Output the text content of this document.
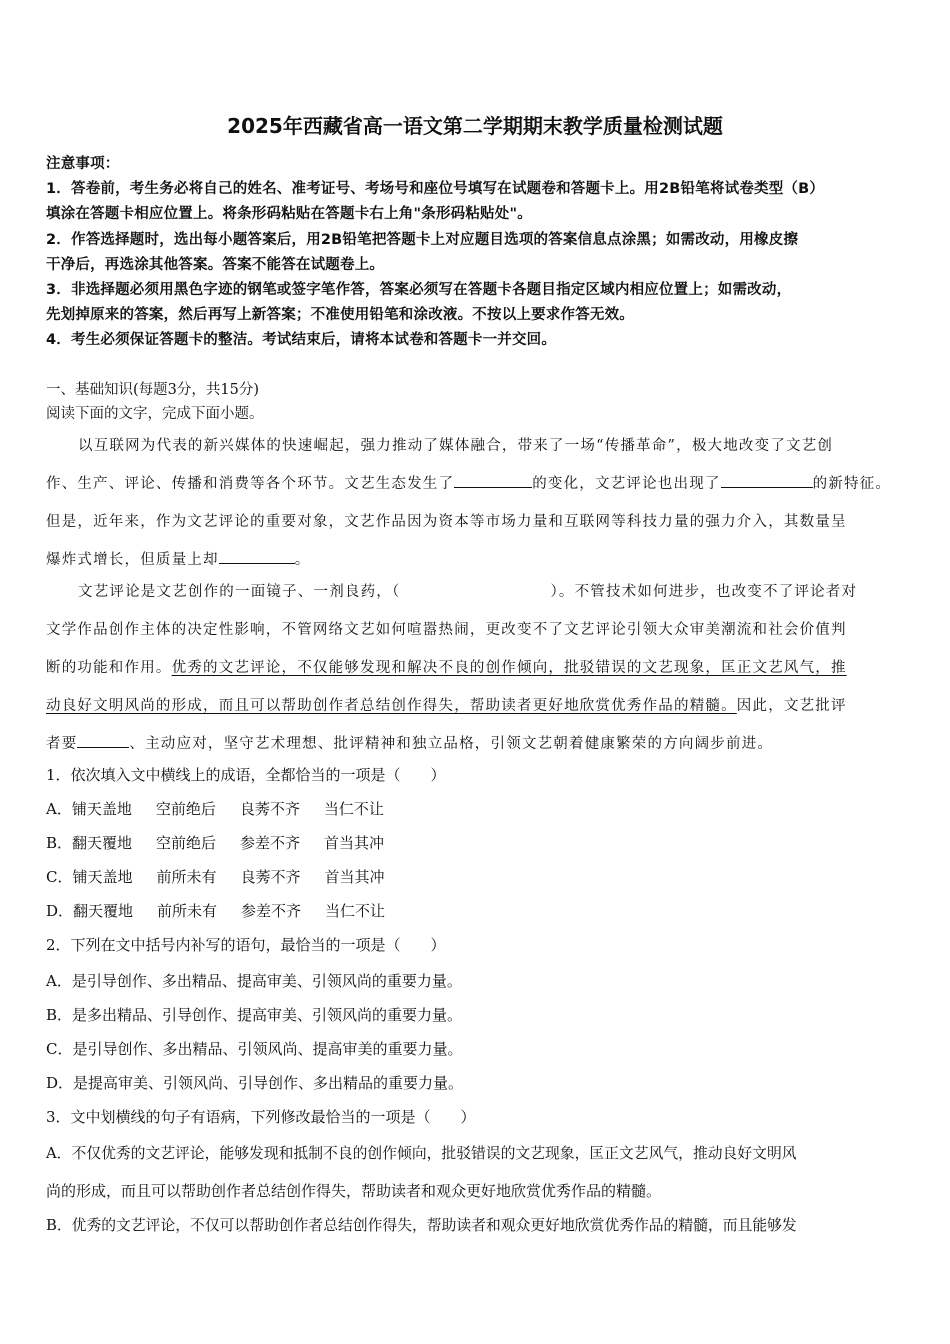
2025年西藏省高一语文第二学期期末教学质量检测试题
注意事项：
1．答卷前，考生务必将自己的姓名、准考证号、考场号和座位号填写在试题卷和答题卡上。用2B铅笔将试卷类型（B）
填涂在答题卡相应位置上。将条形码粘贴在答题卡右上角"条形码粘贴处"。
2．作答选择题时，选出每小题答案后，用2B铅笔把答题卡上对应题目选项的答案信息点涂黑；如需改动，用橡皮擦
干净后，再选涂其他答案。答案不能答在试题卷上。
3．非选择题必须用黑色字迹的钢笔或签字笔作答，答案必须写在答题卡各题目指定区域内相应位置上；如需改动，
先划掉原来的答案，然后再写上新答案；不准使用铅笔和涂改液。不按以上要求作答无效。
4．考生必须保证答题卡的整洁。考试结束后，请将本试卷和答题卡一并交回。
一、基础知识(每题3分，共15分)
阅读下面的文字，完成下面小题。
以互联网为代表的新兴媒体的快速崛起，强力推动了媒体融合，带来了一场“传播革命”，极大地改变了文艺创
作、生产、评论、传播和消费等各个环节。文艺生态发生了	的变化，文艺评论也出现了	的新特征。
但是，近年来，作为文艺评论的重要对象，文艺作品因为资本等市场力量和互联网等科技力量的强力介入，其数量呈
爆炸式增长，但质量上却	。
文艺评论是文艺创作的一面镜子、一剂良药，（	）。不管技术如何进步，也改变不了评论者对
文学作品创作主体的决定性影响，不管网络文艺如何喧嚣热闹，更改变不了文艺评论引领大众审美潮流和社会价值判
断的功能和作用。优秀的文艺评论，不仅能够发现和解决不良的创作倾向，批驳错误的文艺现象，匡正文艺风气，推
动良好文明风尚的形成，而且可以帮助创作者总结创作得失，帮助读者更好地欣赏优秀作品的精髓。因此，文艺批评
者要	、主动应对，坚守艺术理想、批评精神和独立品格，引领文艺朝着健康繁荣的方向阔步前进。
1．依次填入文中横线上的成语，全都恰当的一项是（　　）
A．铺天盖地 空前绝后 良莠不齐 当仁不让
B．翻天覆地 空前绝后 参差不齐 首当其冲
C．铺天盖地 前所未有 良莠不齐 首当其冲
D．翻天覆地 前所未有 参差不齐 当仁不让
2．下列在文中括号内补写的语句，最恰当的一项是（　　）
A．是引导创作、多出精品、提高审美、引领风尚的重要力量。
B．是多出精品、引导创作、提高审美、引领风尚的重要力量。
C．是引导创作、多出精品、引领风尚、提高审美的重要力量。
D．是提高审美、引领风尚、引导创作、多出精品的重要力量。
3．文中划横线的句子有语病，下列修改最恰当的一项是（　　）
A．不仅优秀的文艺评论，能够发现和抵制不良的创作倾向，批驳错误的文艺现象，匡正文艺风气，推动良好文明风
尚的形成，而且可以帮助创作者总结创作得失，帮助读者和观众更好地欣赏优秀作品的精髓。
B．优秀的文艺评论，不仅可以帮助创作者总结创作得失，帮助读者和观众更好地欣赏优秀作品的精髓，而且能够发
